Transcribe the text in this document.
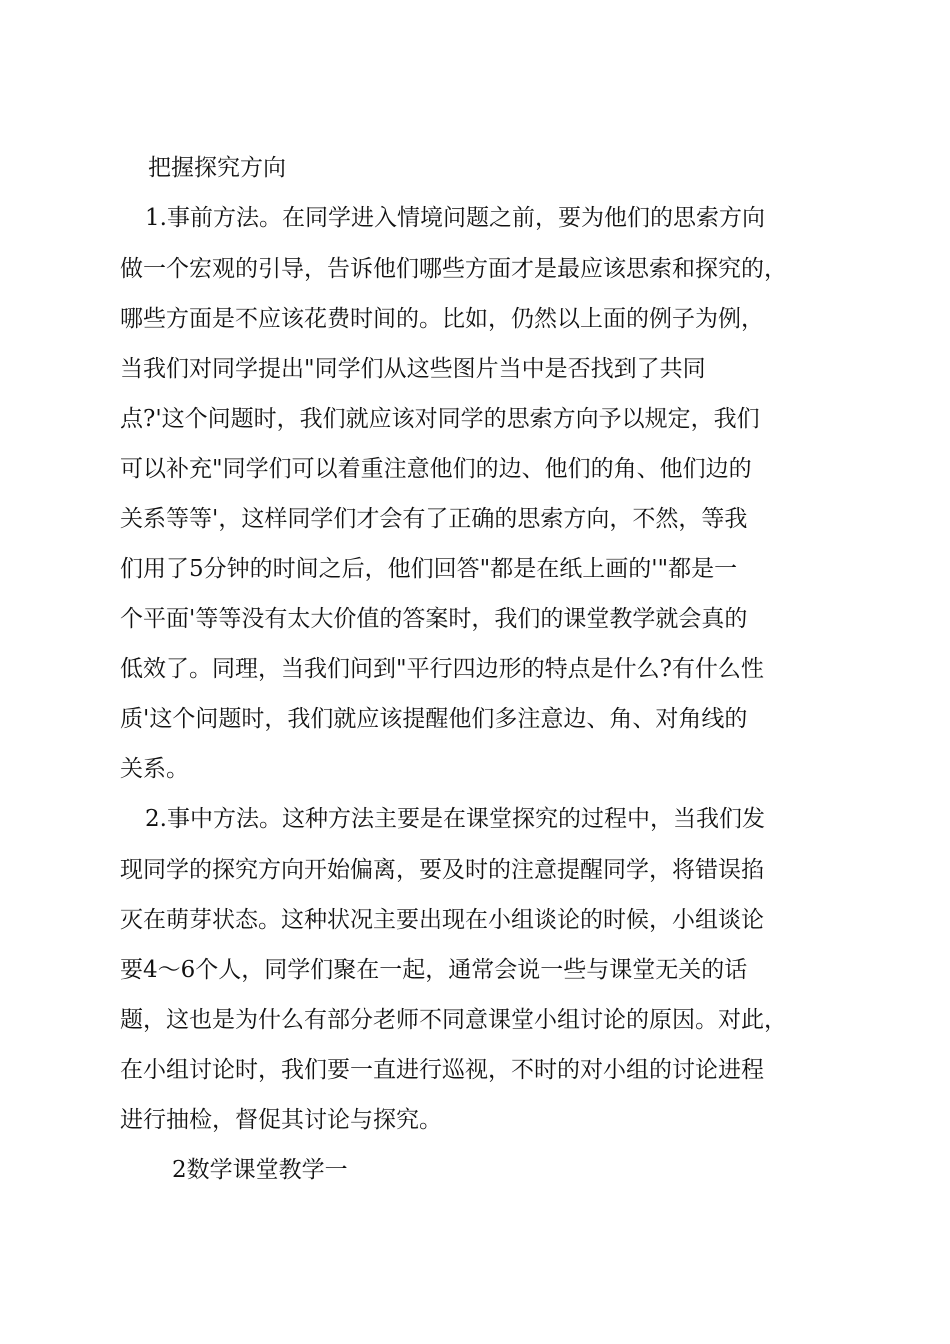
把握探究方向
1.事前方法。在同学进入情境问题之前，要为他们的思索方向
做一个宏观的引导，告诉他们哪些方面才是最应该思索和探究的，
哪些方面是不应该花费时间的。比如，仍然以上面的例子为例，
当我们对同学提出"同学们从这些图片当中是否找到了共同
点?'这个问题时，我们就应该对同学的思索方向予以规定，我们
可以补充"同学们可以着重注意他们的边、他们的角、他们边的
关系等等'，这样同学们才会有了正确的思索方向，不然，等我
们用了5分钟的时间之后，他们回答"都是在纸上画的'"都是一
个平面'等等没有太大价值的答案时，我们的课堂教学就会真的
低效了。同理，当我们问到"平行四边形的特点是什么?有什么性
质'这个问题时，我们就应该提醒他们多注意边、角、对角线的
关系。
2.事中方法。这种方法主要是在课堂探究的过程中，当我们发
现同学的探究方向开始偏离，要及时的注意提醒同学，将错误掐
灭在萌芽状态。这种状况主要出现在小组谈论的时候，小组谈论
要4～6个人，同学们聚在一起，通常会说一些与课堂无关的话
题，这也是为什么有部分老师不同意课堂小组讨论的原因。对此，
在小组讨论时，我们要一直进行巡视，不时的对小组的讨论进程
进行抽检，督促其讨论与探究。
2数学课堂教学一
